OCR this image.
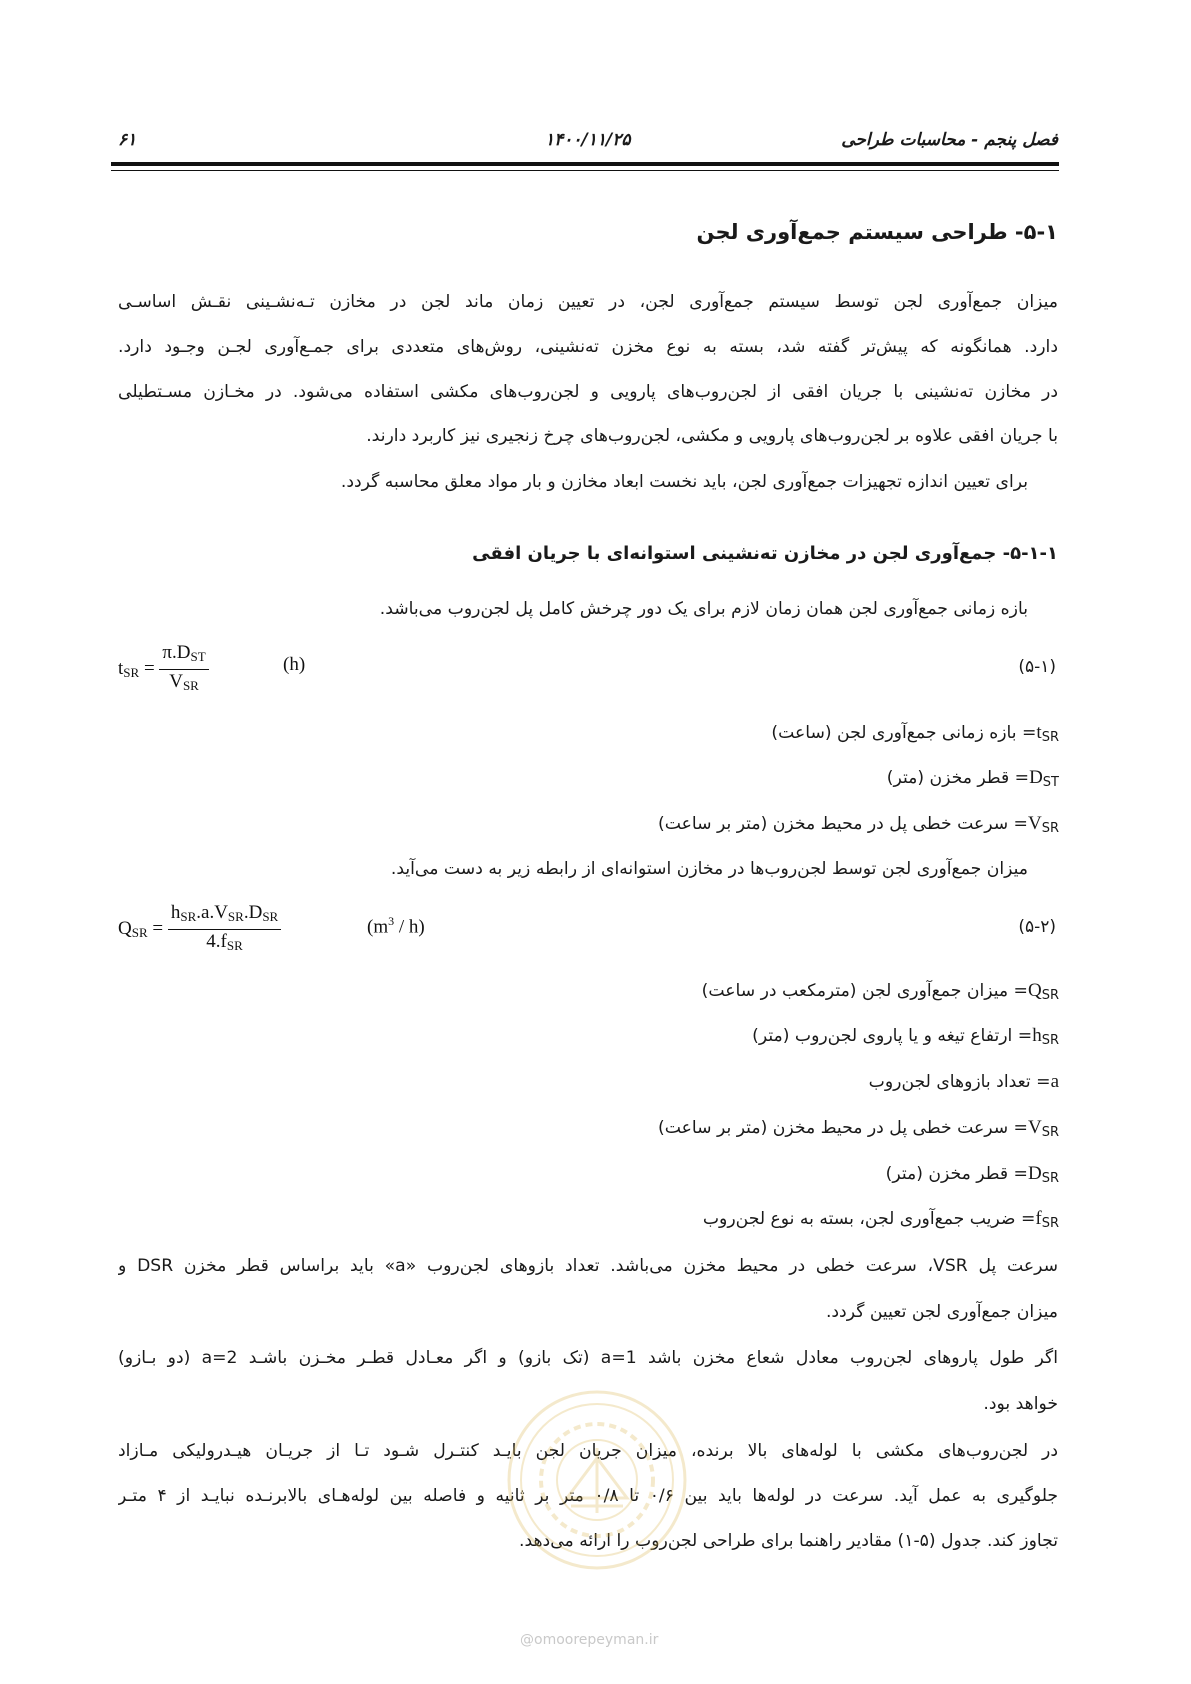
فصل پنجم - محاسبات طراحی
۱۴۰۰/۱۱/۲۵
۶۱
۵-۱- طراحی سیستم جمع‌آوری لجن
میزان جمع‌آوری لجن توسط سیستم جمع‌آوری لجن، در تعیین زمان ماند لجن در مخازن تـه‌نشـینی نقـش اساسـی
دارد. همانگونه که پیش‌تر گفته شد، بسته به نوع مخزن ته‌نشینی، روش‌های متعددی برای جمـع‌آوری لجـن وجـود دارد.
در مخازن ته‌نشینی با جریان افقی از لجن‌روب‌های پارویی و لجن‌روب‌های مکشی استفاده می‌شود. در مخـازن مسـتطیلی
با جریان افقی علاوه بر لجن‌روب‌های پارویی و مکشی، لجن‌روب‌های چرخ زنجیری نیز کاربرد دارند.
برای تعیین اندازه تجهیزات جمع‌آوری لجن، باید نخست ابعاد مخازن و بار مواد معلق محاسبه گردد.
۵-۱-۱- جمع‌آوری لجن در مخازن ته‌نشینی استوانه‌ای با جریان افقی
بازه زمانی جمع‌آوری لجن همان زمان لازم برای یک دور چرخش کامل پل لجن‌روب می‌باشد.
$t_{SR} = \frac{\pi.D_{ST}}{V_{SR}}$	(h)	(۵-۱)
$t_{SR}=$ بازه زمانی جمع‌آوری لجن (ساعت)
$D_{ST}=$ قطر مخزن (متر)
$V_{SR}=$ سرعت خطی پل در محیط مخزن (متر بر ساعت)
میزان جمع‌آوری لجن توسط لجن‌روب‌ها در مخازن استوانه‌ای از رابطه زیر به دست می‌آید.
$Q_{SR} = \frac{h_{SR}.a.V_{SR}.D_{SR}}{4.f_{SR}}$	$(m^3 / h)$	(۵-۲)
$Q_{SR}=$ میزان جمع‌آوری لجن (مترمکعب در ساعت)
$h_{SR}=$ ارتفاع تیغه و یا پاروی لجن‌روب (متر)
a= تعداد بازوهای لجن‌روب
$V_{SR}=$ سرعت خطی پل در محیط مخزن (متر بر ساعت)
$D_{SR}=$ قطر مخزن (متر)
$f_{SR}=$ ضریب جمع‌آوری لجن، بسته به نوع لجن‌روب
سرعت پل VSR، سرعت خطی در محیط مخزن می‌باشد. تعداد بازوهای لجن‌روب «a» باید براساس قطر مخزن DSR و
میزان جمع‌آوری لجن تعیین گردد.
اگر طول پاروهای لجن‌روب معادل شعاع مخزن باشد a=1 (تک بازو) و اگر معـادل قطـر مخـزن باشـد a=2 (دو بـازو)
خواهد بود.
در لجن‌روب‌های مکشی با لوله‌های بالا برنده، میزان جریان لجن بایـد کنتـرل شـود تـا از جریـان هیـدرولیکی مـازاد
جلوگیری به عمل آید. سرعت در لوله‌ها باید بین ۰/۶ تا ۰/۸ متر بر ثانیه و فاصله بین لوله‌هـای بالابرنـده نبایـد از ۴ متـر
تجاوز کند. جدول (۵-۱) مقادیر راهنما برای طراحی لجن‌روب را ارائه می‌دهد.
@omoorepeyman.ir
